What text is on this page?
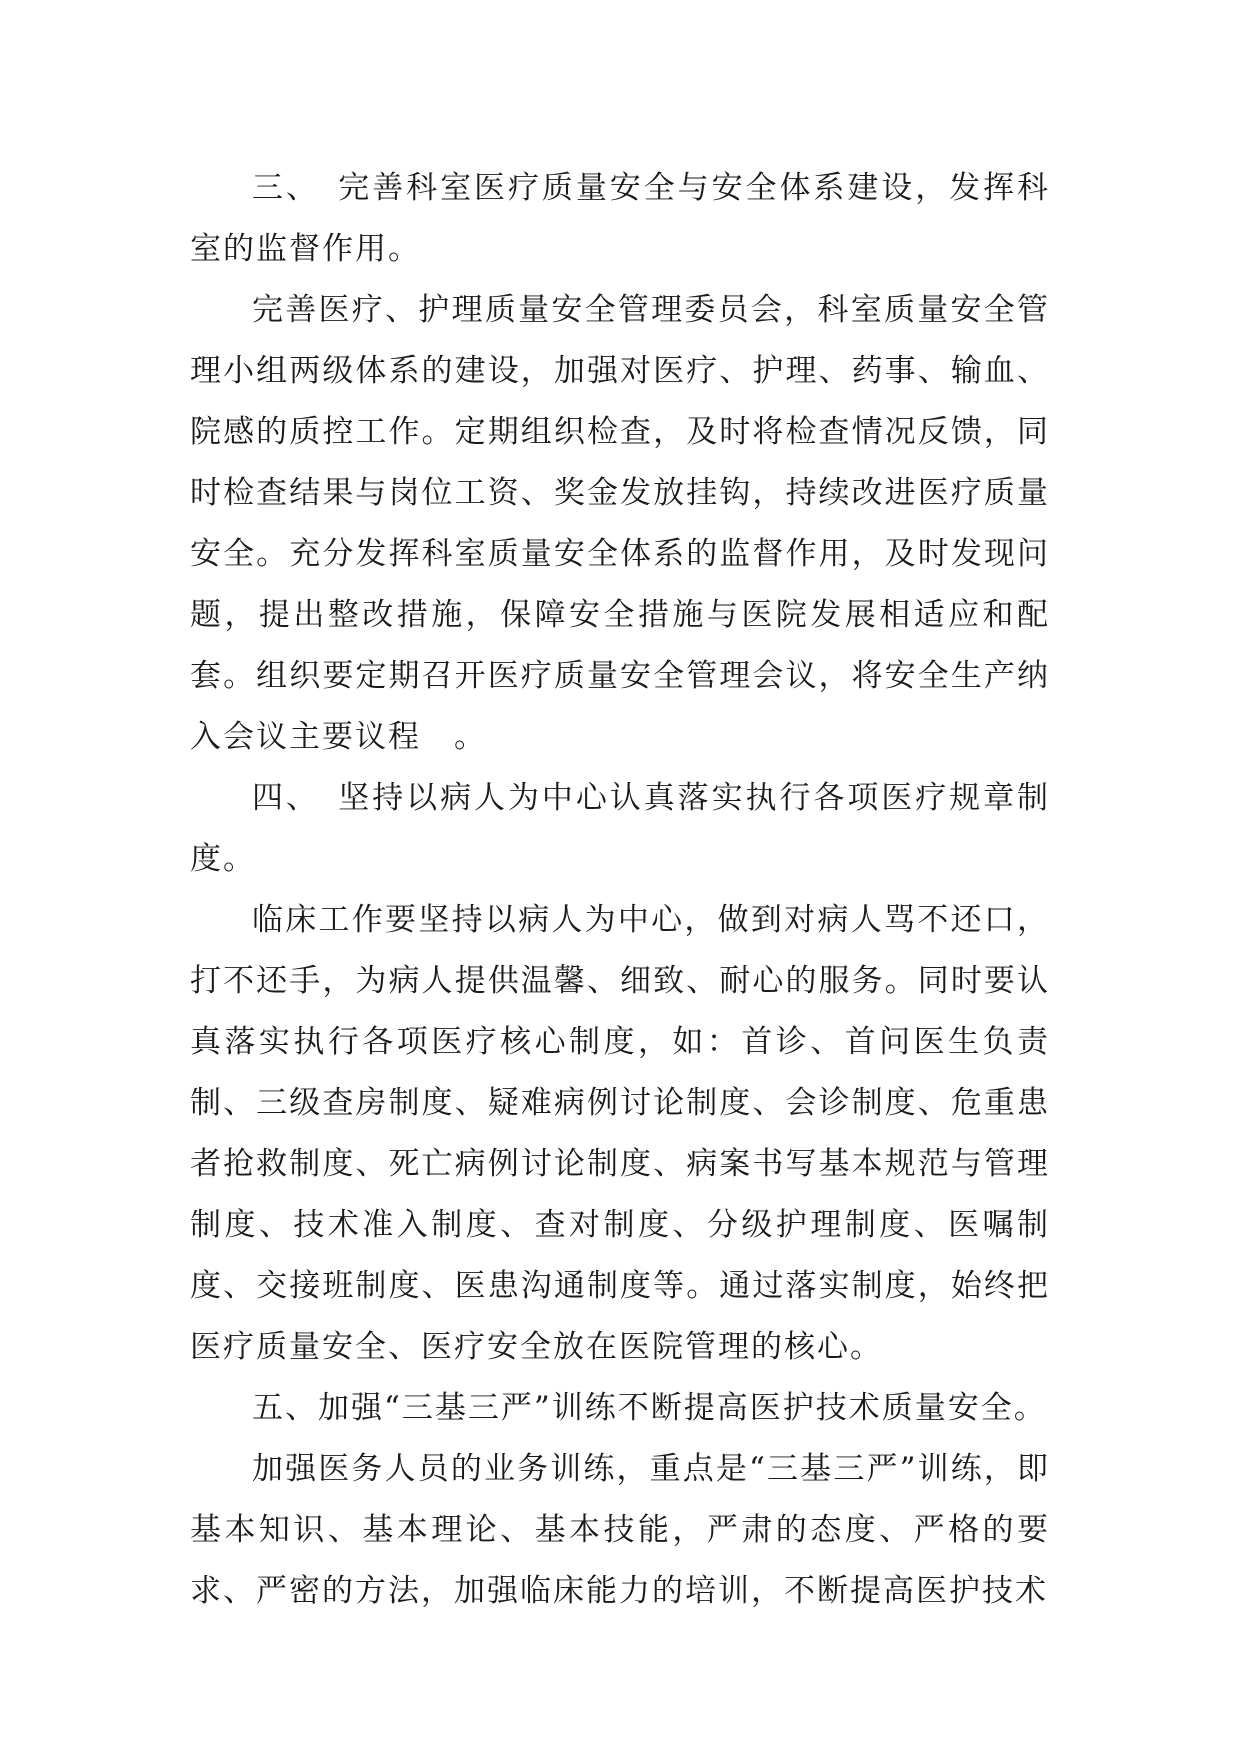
三、　完善科室医疗质量安全与安全体系建设，发挥科室的监督作用。

完善医疗、护理质量安全管理委员会，科室质量安全管理小组两级体系的建设，加强对医疗、护理、药事、输血、院感的质控工作。定期组织检查，及时将检查情况反馈，同时检查结果与岗位工资、奖金发放挂钩，持续改进医疗质量安全。充分发挥科室质量安全体系的监督作用，及时发现问题，提出整改措施，保障安全措施与医院发展相适应和配套。组织要定期召开医疗质量安全管理会议，将安全生产纳入会议主要议程　。

四、　坚持以病人为中心认真落实执行各项医疗规章制度。

临床工作要坚持以病人为中心，做到对病人骂不还口，打不还手，为病人提供温馨、细致、耐心的服务。同时要认真落实执行各项医疗核心制度，如：首诊、首问医生负责制、三级查房制度、疑难病例讨论制度、会诊制度、危重患者抢救制度、死亡病例讨论制度、病案书写基本规范与管理制度、技术准入制度、查对制度、分级护理制度、医嘱制度、交接班制度、医患沟通制度等。通过落实制度，始终把医疗质量安全、医疗安全放在医院管理的核心。

五、加强“三基三严”训练不断提高医护技术质量安全。

加强医务人员的业务训练，重点是“三基三严”训练，即基本知识、基本理论、基本技能，严肃的态度、严格的要求、严密的方法，加强临床能力的培训，不断提高医护技术
